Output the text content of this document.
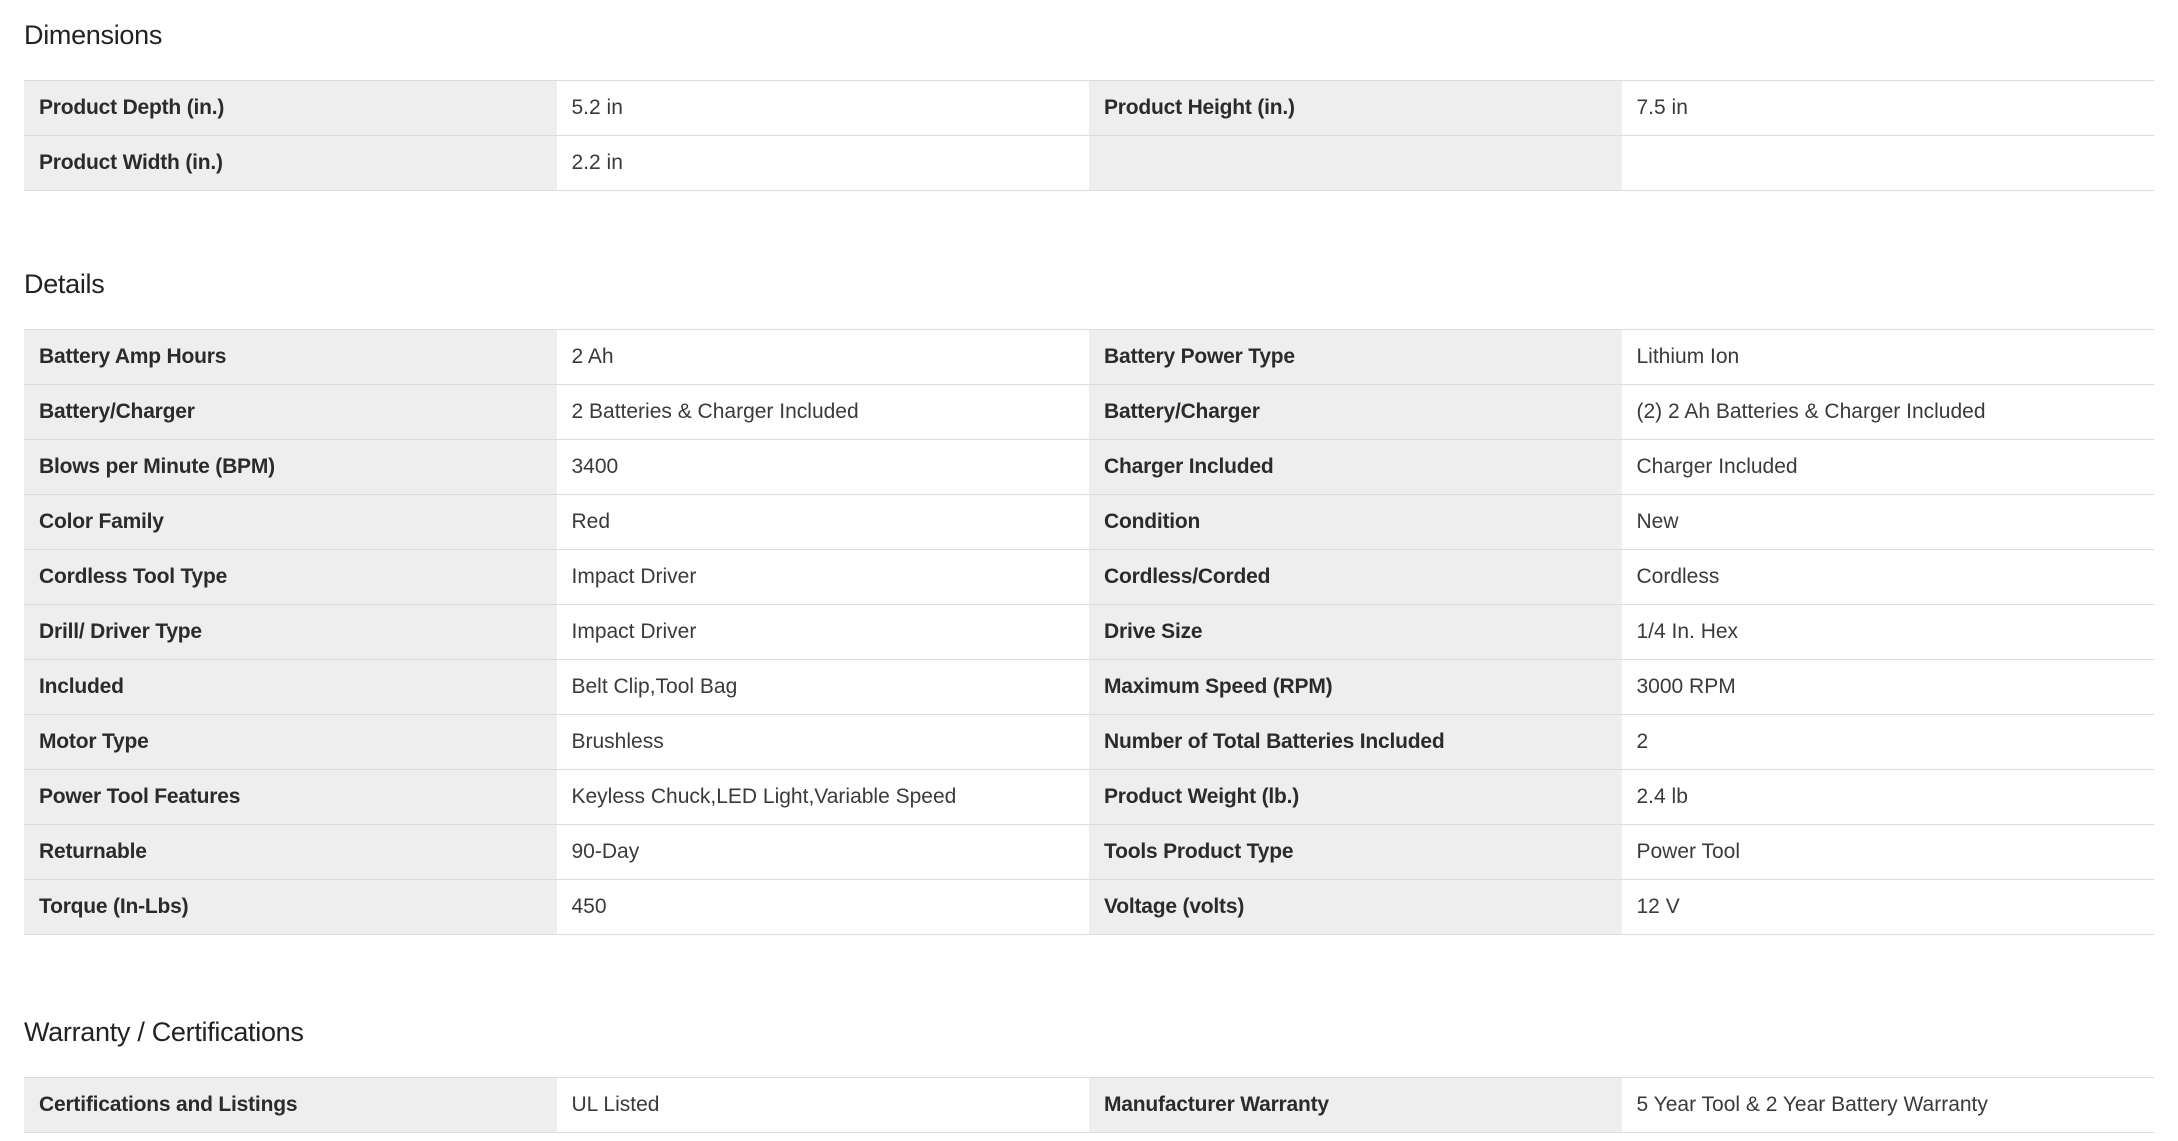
Dimensions
Product Depth (in.)	5.2 in	Product Height (in.)	7.5 in
Product Width (in.)	2.2 in
Details
Battery Amp Hours	2 Ah	Battery Power Type	Lithium Ion
Battery/Charger	2 Batteries & Charger Included	Battery/Charger	(2) 2 Ah Batteries & Charger Included
Blows per Minute (BPM)	3400	Charger Included	Charger Included
Color Family	Red	Condition	New
Cordless Tool Type	Impact Driver	Cordless/Corded	Cordless
Drill/ Driver Type	Impact Driver	Drive Size	1/4 In. Hex
Included	Belt Clip,Tool Bag	Maximum Speed (RPM)	3000 RPM
Motor Type	Brushless	Number of Total Batteries Included	2
Power Tool Features	Keyless Chuck,LED Light,Variable Speed	Product Weight (lb.)	2.4 lb
Returnable	90-Day	Tools Product Type	Power Tool
Torque (In-Lbs)	450	Voltage (volts)	12 V
Warranty / Certifications
Certifications and Listings	UL Listed	Manufacturer Warranty	5 Year Tool & 2 Year Battery Warranty
